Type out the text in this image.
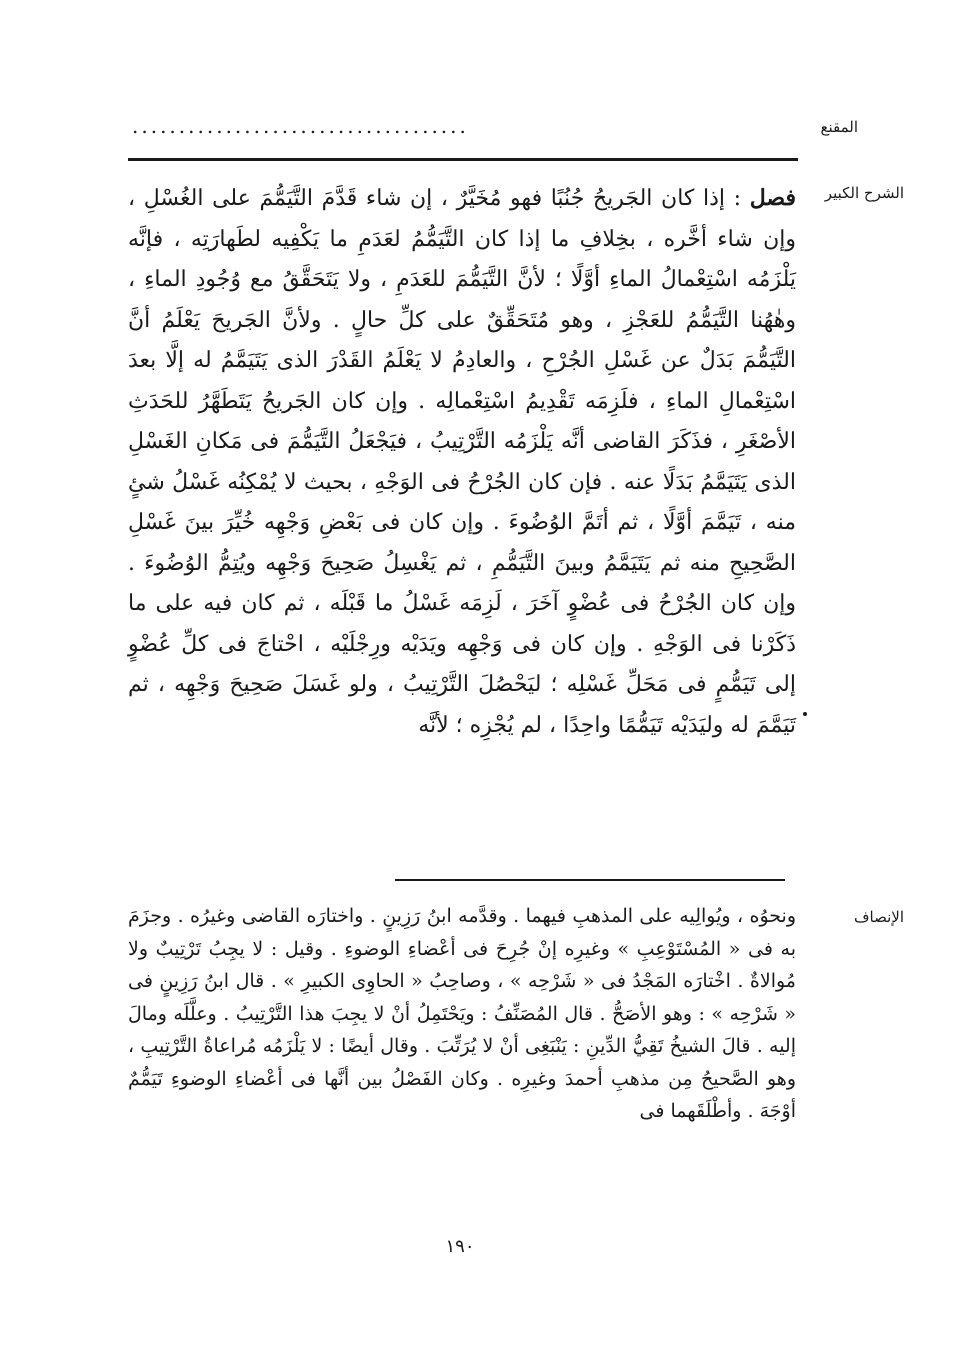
المقنع
....................................
الشرح الكبير

فصل : إذا كان الجَريحُ جُنُبًا فهو مُخَيَّرٌ ، إن شاء قَدَّمَ التَّيَمُّمَ على الغُسْلِ ، وإن شاء أخَّره ، بخِلافِ ما إذا كان التَّيَمُّمُ لعَدَمِ ما يَكْفِيه لطَهارَتِه ، فإنَّه يَلْزَمُه اسْتِعْمالُ الماءِ أوَّلًا ؛ لأنَّ التَّيَمُّمَ للعَدَمِ ، ولا يَتَحَقَّقُ مع وُجُودِ الماءِ ، وهٰهُنا التَّيَمُّمُ للعَجْزِ ، وهو مُتَحَقِّقٌ على كلِّ حالٍ . ولأنَّ الجَريحَ يَعْلَمُ أنَّ التَّيَمُّمَ بَدَلٌ عن غَسْلِ الجُرْحِ ، والعادِمُ لا يَعْلَمُ القَدْرَ الذى يَتَيَمَّمُ له إلَّا بعدَ اسْتِعْمالِ الماءِ ، فلَزِمَه تَقْدِيمُ اسْتِعْمالِه . وإن كان الجَريحُ يَتَطَهَّرُ للحَدَثِ الأصْغَرِ ، فذَكَرَ القاضى أنَّه يَلْزَمُه التَّرْتِيبُ ، فيَجْعَلُ التَّيَمُّمَ فى مَكانِ الغَسْلِ الذى يَتَيَمَّمُ بَدَلًا عنه . فإن كان الجُرْحُ فى الوَجْهِ ، بحيث لا يُمْكِنُه غَسْلُ شئٍ منه ، تَيَمَّمَ أوَّلًا ، ثم أتَمَّ الوُضُوءَ . وإن كان فى بَعْضِ وَجْهِه خُيِّرَ بينَ غَسْلِ الصَّحِيحِ منه ثم يَتَيَمَّمُ وبينَ التَّيَمُّمِ ، ثم يَغْسِلُ صَحِيحَ وَجْهِه ويُتِمُّ الوُضُوءَ . وإن كان الجُرْحُ فى عُضْوٍ آخَرَ ، لَزِمَه غَسْلُ ما قَبْلَه ، ثم كان فيه على ما ذَكَرْنا فى الوَجْهِ . وإن كان فى وَجْهِه ويَدَيْه ورِجْلَيْه ، احْتاجَ فى كلِّ عُضْوٍ إلى تَيَمُّمٍ فى مَحَلِّ غَسْلِه ؛ ليَحْصُلَ التَّرْتِيبُ ، ولو غَسَلَ صَحِيحَ وَجْهِه ، ثم تَيَمَّمَ له وليَدَيْه تَيَمُّمًا واحِدًا ، لم يُجْزِه ؛ لأنَّه

الإنصاف

ونحوُه ، ويُوالِيه على المذهبِ فيهما . وقدَّمه ابنُ رَزِينٍ . واختارَه القاضى وغيرُه . وجزَمَ به فى « المُسْتَوْعِبِ » وغيرِه إنْ جُرِحَ فى أعْضاءِ الوضوءِ . وقيل : لا يجِبُ تَرْتِيبٌ ولا مُوالاةٌ . اخْتارَه المَجْدُ فى « شَرْحِه » ، وصاحِبُ « الحاوِى الكبيرِ » . قال ابنُ رَزِينٍ فى « شَرْحِه » : وهو الأصَحُّ . قال المُصَنِّفُ : ويَحْتَمِلُ أنْ لا يجِبَ هذا التَّرْتِيبُ . وعلَّلَه ومالَ إليه . قالَ الشيخُ تَقِيُّ الدِّينِ : يَنْبَغِى أنْ لا يُرَتِّبَ . وقال أيضًا : لا يَلْزَمُه مُراعاةُ التَّرْتِيبِ ، وهو الصَّحيحُ مِن مذهبِ أحمدَ وغيرِه . وكان الفَصْلُ بين أنَّها فى أعْضاءِ الوضوءِ تَيَمُّمٌ أوْجَهَ . وأطْلَقَهما فى

١٩٠
